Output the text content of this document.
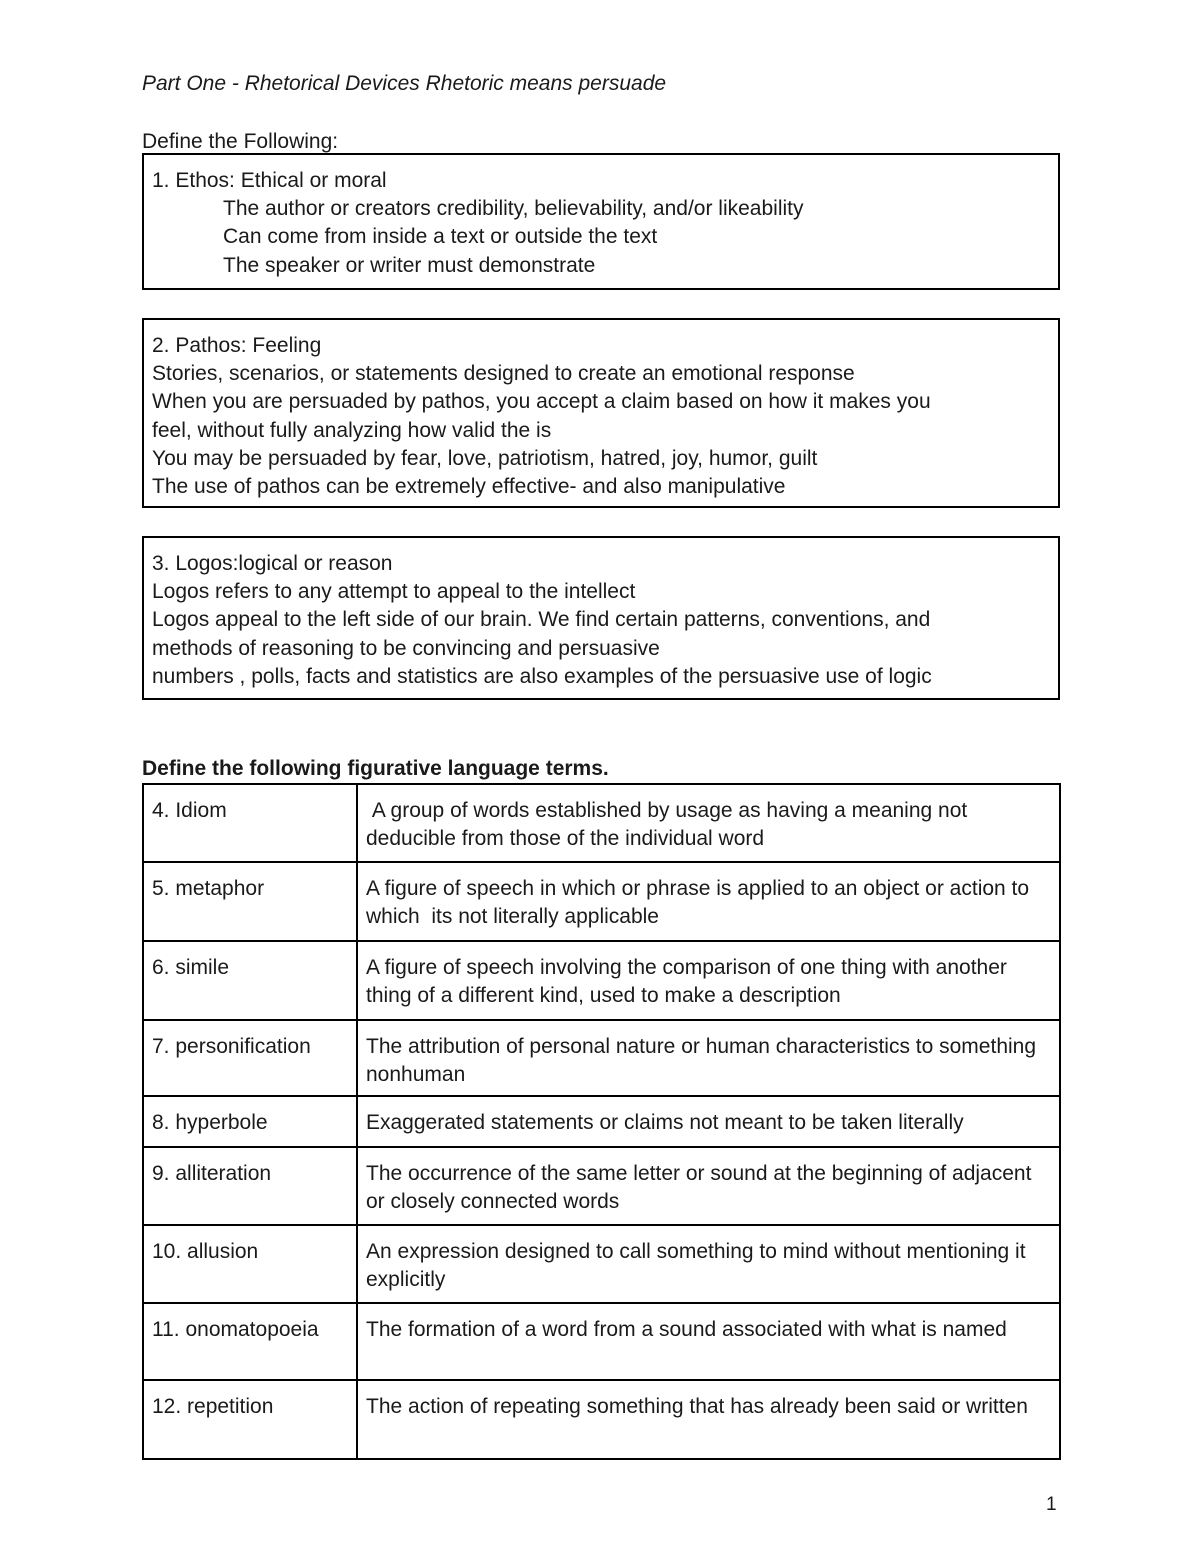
Part One - Rhetorical Devices Rhetoric means persuade
Define the Following:
1. Ethos: Ethical or moral
The author or creators credibility, believability, and/or likeability
Can come from inside a text or outside the text
The speaker or writer must demonstrate
2. Pathos: Feeling
Stories, scenarios, or statements designed to create an emotional response
When you are persuaded by pathos, you accept a claim based on how it makes you
feel, without fully analyzing how valid the is
You may be persuaded by fear, love, patriotism, hatred, joy, humor, guilt
The use of pathos can be extremely effective- and also manipulative
3. Logos:logical or reason
Logos refers to any attempt to appeal to the intellect
Logos appeal to the left side of our brain. We find certain patterns, conventions, and
methods of reasoning to be convincing and persuasive
numbers , polls, facts and statistics are also examples of the persuasive use of logic
Define the following figurative language terms.
4. Idiom	A group of words established by usage as having a meaning not deducible from those of the individual word
5. metaphor	A figure of speech in which or phrase is applied to an object or action to which  its not literally applicable
6. simile	A figure of speech involving the comparison of one thing with another thing of a different kind, used to make a description
7. personification	The attribution of personal nature or human characteristics to something nonhuman
8. hyperbole	Exaggerated statements or claims not meant to be taken literally
9. alliteration	The occurrence of the same letter or sound at the beginning of adjacent or closely connected words
10. allusion	An expression designed to call something to mind without mentioning it explicitly
11. onomatopoeia	The formation of a word from a sound associated with what is named
12. repetition	The action of repeating something that has already been said or written
1
